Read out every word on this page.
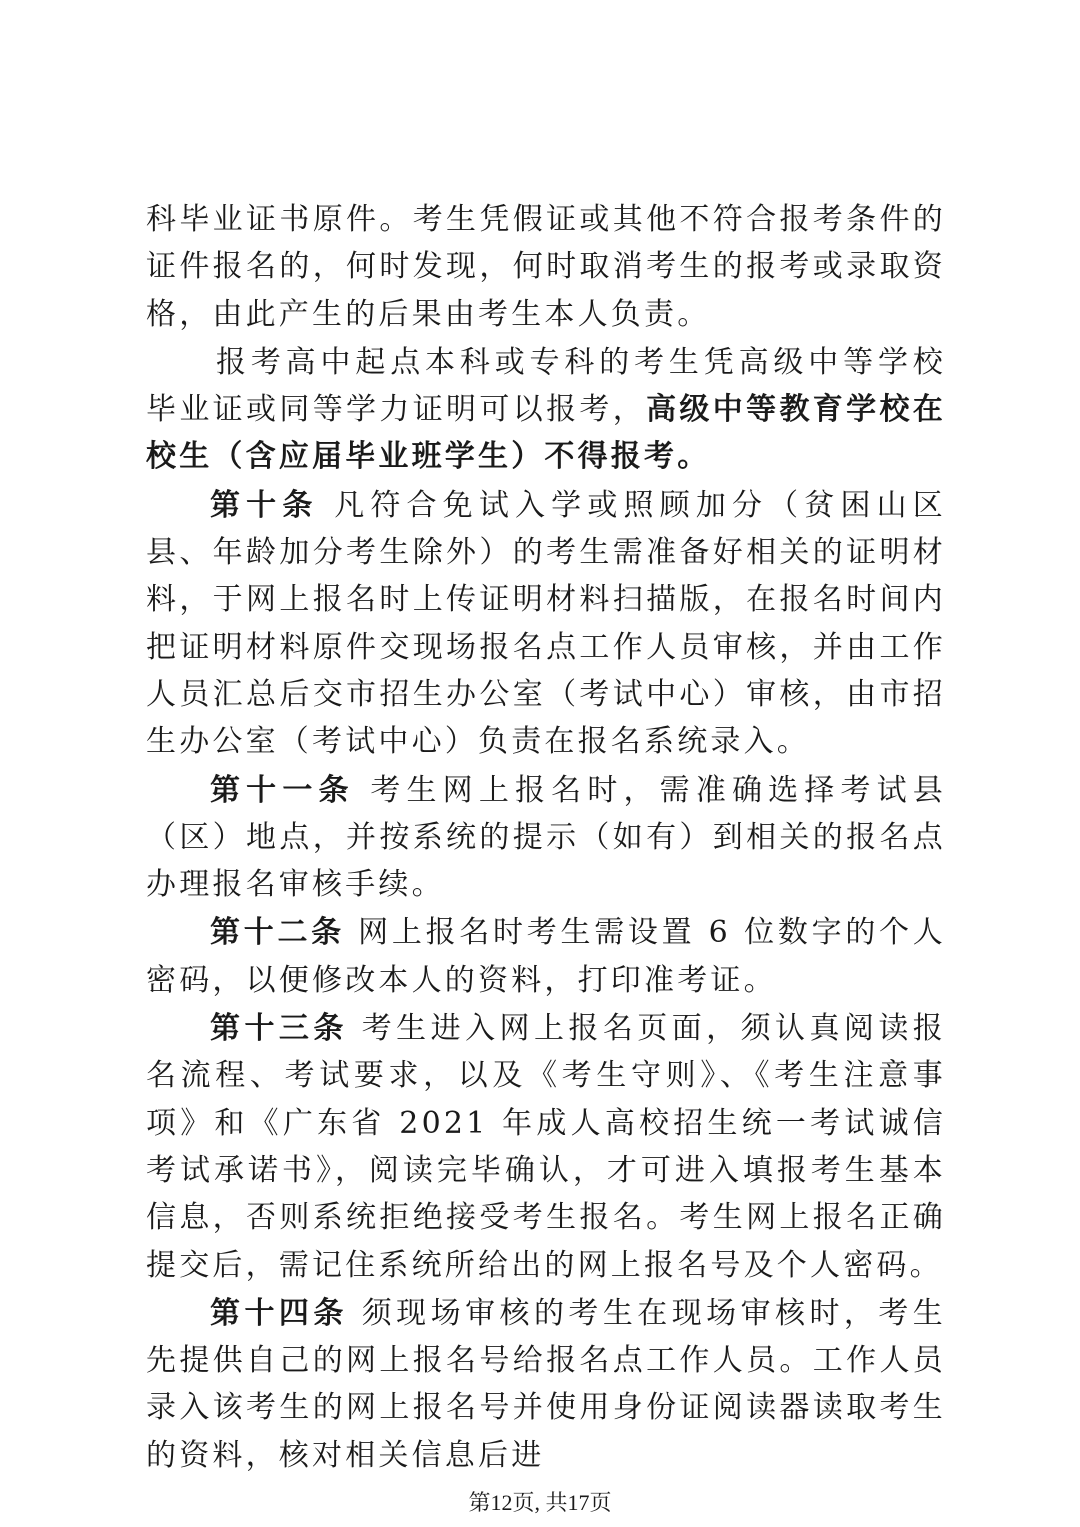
科毕业证书原件。考生凭假证或其他不符合报考条件的证件报名的，何时发现，何时取消考生的报考或录取资格，由此产生的后果由考生本人负责。

报考高中起点本科或专科的考生凭高级中等学校毕业证或同等学力证明可以报考，高级中等教育学校在校生（含应届毕业班学生）不得报考。

第十条 凡符合免试入学或照顾加分（贫困山区县、年龄加分考生除外）的考生需准备好相关的证明材料，于网上报名时上传证明材料扫描版，在报名时间内把证明材料原件交现场报名点工作人员审核，并由工作人员汇总后交市招生办公室（考试中心）审核，由市招生办公室（考试中心）负责在报名系统录入。

第十一条 考生网上报名时，需准确选择考试县（区）地点，并按系统的提示（如有）到相关的报名点办理报名审核手续。

第十二条 网上报名时考生需设置 6 位数字的个人密码，以便修改本人的资料，打印准考证。

第十三条 考生进入网上报名页面，须认真阅读报名流程、考试要求，以及《考生守则》、《考生注意事项》和《广东省 2021 年成人高校招生统一考试诚信考试承诺书》，阅读完毕确认，才可进入填报考生基本信息，否则系统拒绝接受考生报名。考生网上报名正确提交后，需记住系统所给出的网上报名号及个人密码。

第十四条 须现场审核的考生在现场审核时，考生先提供自己的网上报名号给报名点工作人员。工作人员录入该考生的网上报名号并使用身份证阅读器读取考生的资料，核对相关信息后进

第12页, 共17页
